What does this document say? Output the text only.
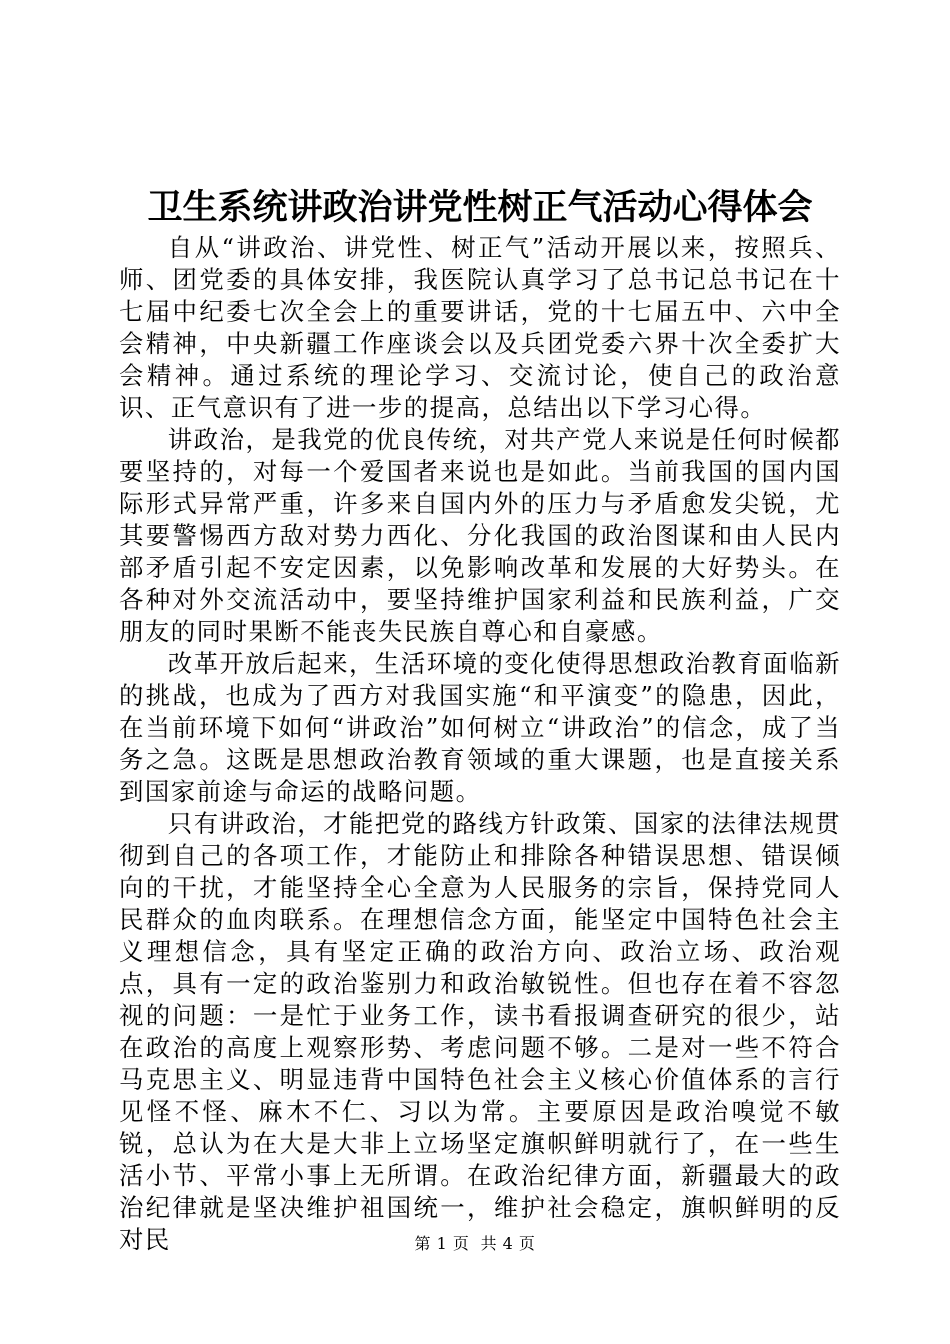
卫生系统讲政治讲党性树正气活动心得体会

自从“讲政治、讲党性、树正气”活动开展以来，按照兵、师、团党委的具体安排，我医院认真学习了总书记总书记在十七届中纪委七次全会上的重要讲话，党的十七届五中、六中全会精神，中央新疆工作座谈会以及兵团党委六界十次全委扩大会精神。通过系统的理论学习、交流讨论，使自己的政治意识、正气意识有了进一步的提高，总结出以下学习心得。

讲政治，是我党的优良传统，对共产党人来说是任何时候都要坚持的，对每一个爱国者来说也是如此。当前我国的国内国际形式异常严重，许多来自国内外的压力与矛盾愈发尖锐，尤其要警惕西方敌对势力西化、分化我国的政治图谋和由人民内部矛盾引起不安定因素，以免影响改革和发展的大好势头。在各种对外交流活动中，要坚持维护国家利益和民族利益，广交朋友的同时果断不能丧失民族自尊心和自豪感。

改革开放后起来，生活环境的变化使得思想政治教育面临新的挑战，也成为了西方对我国实施“和平演变”的隐患，因此，在当前环境下如何“讲政治”如何树立“讲政治”的信念，成了当务之急。这既是思想政治教育领域的重大课题，也是直接关系到国家前途与命运的战略问题。

只有讲政治，才能把党的路线方针政策、国家的法律法规贯彻到自己的各项工作，才能防止和排除各种错误思想、错误倾向的干扰，才能坚持全心全意为人民服务的宗旨，保持党同人民群众的血肉联系。在理想信念方面，能坚定中国特色社会主义理想信念，具有坚定正确的政治方向、政治立场、政治观点，具有一定的政治鉴别力和政治敏锐性。但也存在着不容忽视的问题：一是忙于业务工作，读书看报调查研究的很少，站在政治的高度上观察形势、考虑问题不够。二是对一些不符合马克思主义、明显违背中国特色社会主义核心价值体系的言行见怪不怪、麻木不仁、习以为常。主要原因是政治嗅觉不敏锐，总认为在大是大非上立场坚定旗帜鲜明就行了，在一些生活小节、平常小事上无所谓。在政治纪律方面，新疆最大的政治纪律就是坚决维护祖国统一，维护社会稳定，旗帜鲜明的反对民	第 1 页  共 4 页
